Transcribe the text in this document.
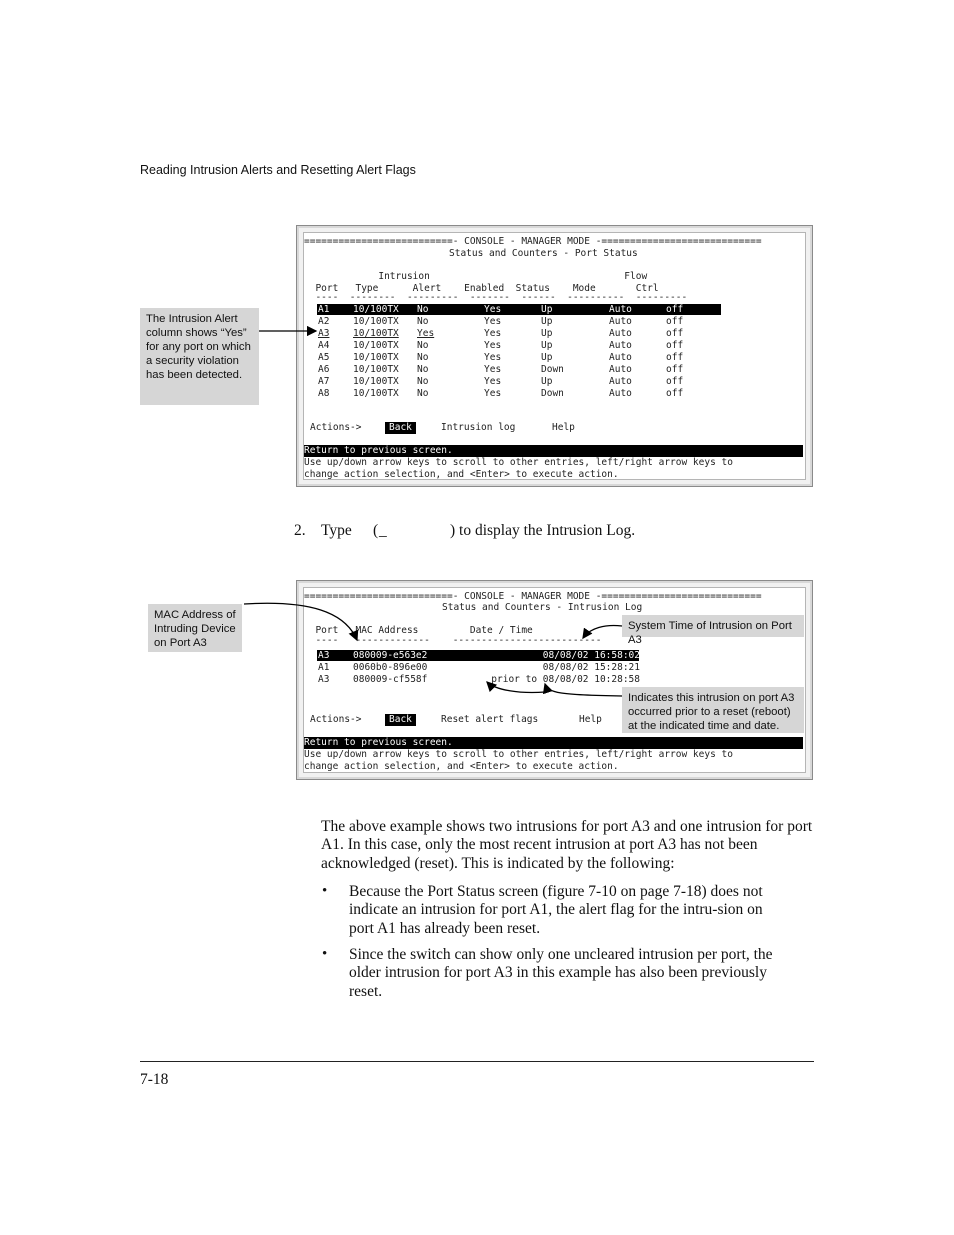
Reading Intrusion Alerts and Resetting Alert Flags
==========================- CONSOLE - MANAGER MODE -============================
Status and Counters - Port Status
Intrusion                                  Flow
Port   Type      Alert    Enabled  Status    Mode       Ctrl
----  --------  ---------  -------  ------  ----------  ---------
Actions->	Back	Intrusion log	Help
Return to previous screen.
Use up/down arrow keys to scroll to other entries, left/right arrow keys to
change action selection, and <Enter> to execute action.
A1 10/100TX No	Yes	Up	Auto	off
A2 10/100TX No	Yes	Up	Auto	off
A3 10/100TX Yes	Yes	Up	Auto	off
A4 10/100TX No	Yes	Up	Auto	off
A5 10/100TX No	Yes	Up	Auto	off
A6 10/100TX No	Yes	Down	Auto	off
A7 10/100TX No	Yes	Up	Auto	off
A8 10/100TX No	Yes	Down	Auto	off
The Intrusion Alert column shows “Yes” for any port on which a security violation has been detected.
2. Type ( _	) to display the Intrusion Log.
==========================- CONSOLE - MANAGER MODE -============================
Status and Counters - Intrusion Log
Port   MAC Address         Date / Time
----   -------------    --------------------------
Actions->	Back	Reset alert flags	Help
Return to previous screen.
Use up/down arrow keys to scroll to other entries, left/right arrow keys to
change action selection, and <Enter> to execute action.
A3 080009-e563e2	08/08/02 16:58:02
A1 0060b0-896e00	08/08/02 15:28:21
A3 080009-cf558f	prior to 08/08/02 10:28:58
MAC Address of Intruding Device on Port A3
System Time of Intrusion on Port A3
Indicates this intrusion on port A3 occurred prior to a reset (reboot) at the indicated time and date.
The above example shows two intrusions for port A3 and one intrusion for port A1. In this case, only the most recent intrusion at port A3 has not been acknowledged (reset). This is indicated by the following:
• Because the Port Status screen (figure 7-10 on page 7-18) does not indicate an intrusion for port A1, the alert flag for the intru-sion on port A1 has already been reset.
• Since the switch can show only one uncleared intrusion per port, the older intrusion for port A3 in this example has also been previously reset.
7-18
